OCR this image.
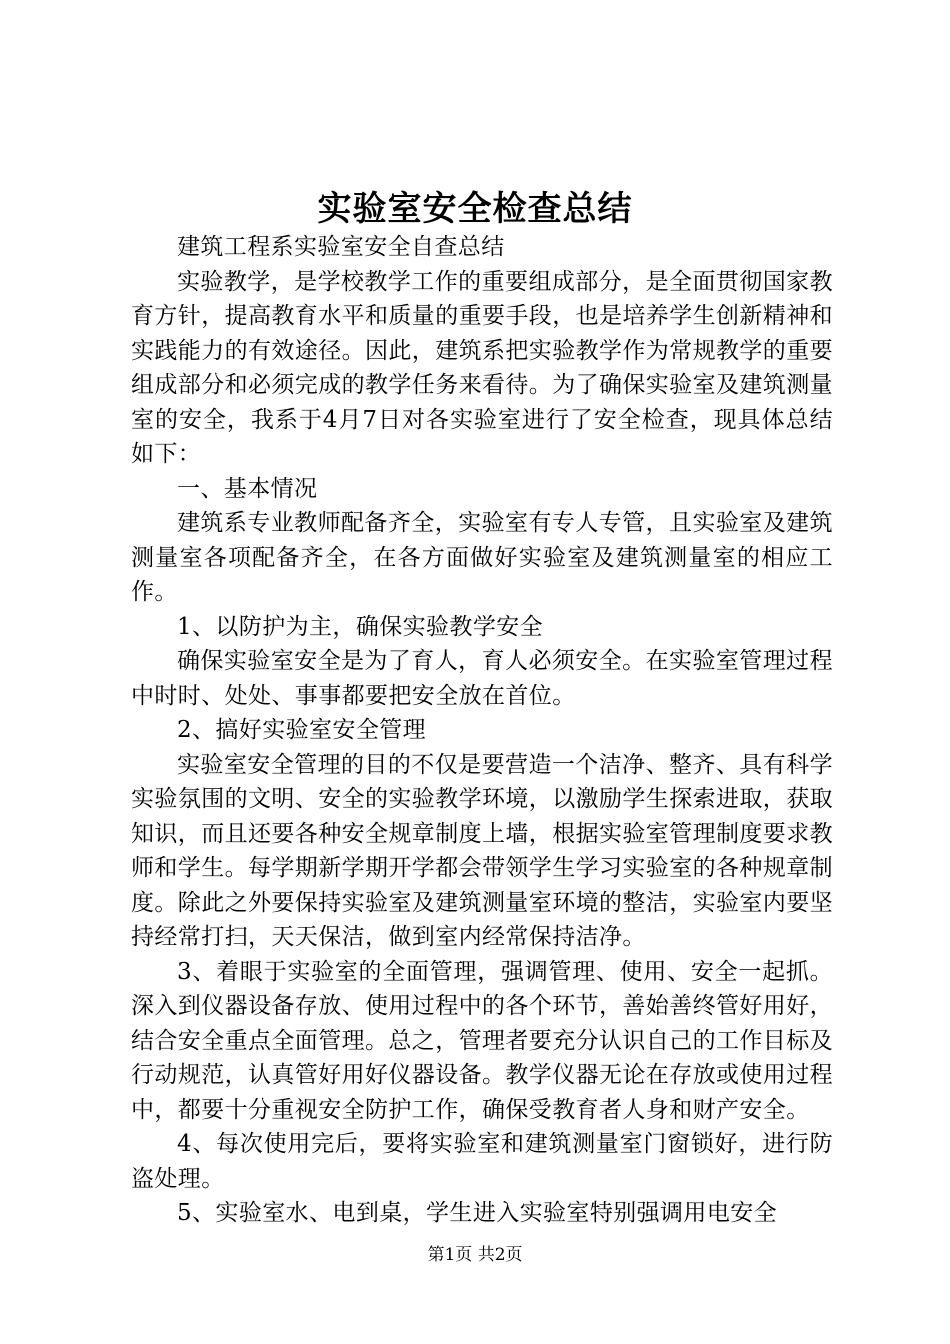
实验室安全检查总结

建筑工程系实验室安全自查总结

实验教学，是学校教学工作的重要组成部分，是全面贯彻国家教育方针，提高教育水平和质量的重要手段，也是培养学生创新精神和实践能力的有效途径。因此，建筑系把实验教学作为常规教学的重要组成部分和必须完成的教学任务来看待。为了确保实验室及建筑测量室的安全，我系于4月7日对各实验室进行了安全检查，现具体总结如下：

一、基本情况

建筑系专业教师配备齐全，实验室有专人专管，且实验室及建筑测量室各项配备齐全，在各方面做好实验室及建筑测量室的相应工作。

1、以防护为主，确保实验教学安全

确保实验室安全是为了育人，育人必须安全。在实验室管理过程中时时、处处、事事都要把安全放在首位。

2、搞好实验室安全管理

实验室安全管理的目的不仅是要营造一个洁净、整齐、具有科学实验氛围的文明、安全的实验教学环境，以激励学生探索进取，获取知识，而且还要各种安全规章制度上墙，根据实验室管理制度要求教师和学生。每学期新学期开学都会带领学生学习实验室的各种规章制度。除此之外要保持实验室及建筑测量室环境的整洁，实验室内要坚持经常打扫，天天保洁，做到室内经常保持洁净。

3、着眼于实验室的全面管理，强调管理、使用、安全一起抓。深入到仪器设备存放、使用过程中的各个环节，善始善终管好用好，结合安全重点全面管理。总之，管理者要充分认识自己的工作目标及行动规范，认真管好用好仪器设备。教学仪器无论在存放或使用过程中，都要十分重视安全防护工作，确保受教育者人身和财产安全。

4、每次使用完后，要将实验室和建筑测量室门窗锁好，进行防盗处理。

5、实验室水、电到桌，学生进入实验室特别强调用电安全

第1页 共2页
